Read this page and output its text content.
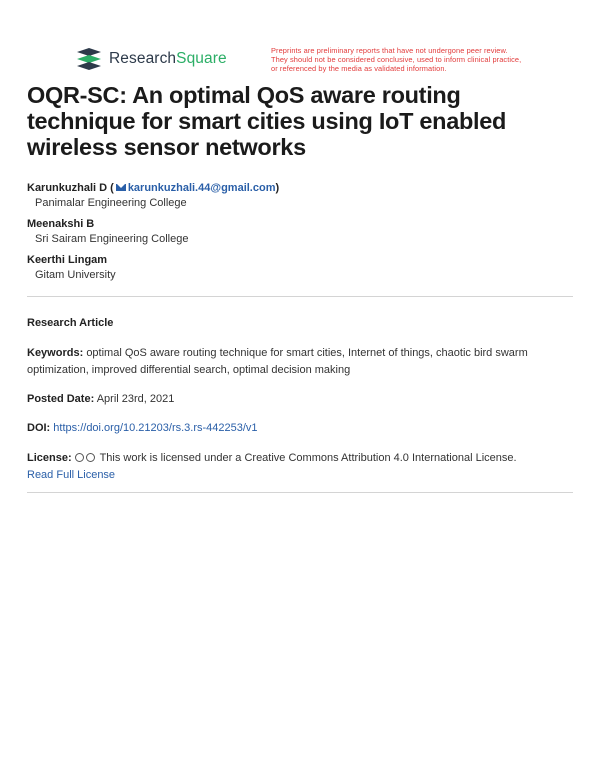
ResearchSquare	Preprints are preliminary reports that have not undergone peer review.
They should not be considered conclusive, used to inform clinical practice,
or referenced by the media as validated information.
OQR-SC: An optimal QoS aware routing technique for smart cities using IoT enabled wireless sensor networks
Karunkuzhali D ( karunkuzhali.44@gmail.com)
Panimalar Engineering College
Meenakshi B
Sri Sairam Engineering College
Keerthi Lingam
Gitam University
Research Article
Keywords: optimal QoS aware routing technique for smart cities, Internet of things, chaotic bird swarm optimization, improved differential search, optimal decision making
Posted Date: April 23rd, 2021
DOI: https://doi.org/10.21203/rs.3.rs-442253/v1
License:	This work is licensed under a Creative Commons Attribution 4.0 International License.
Read Full License
